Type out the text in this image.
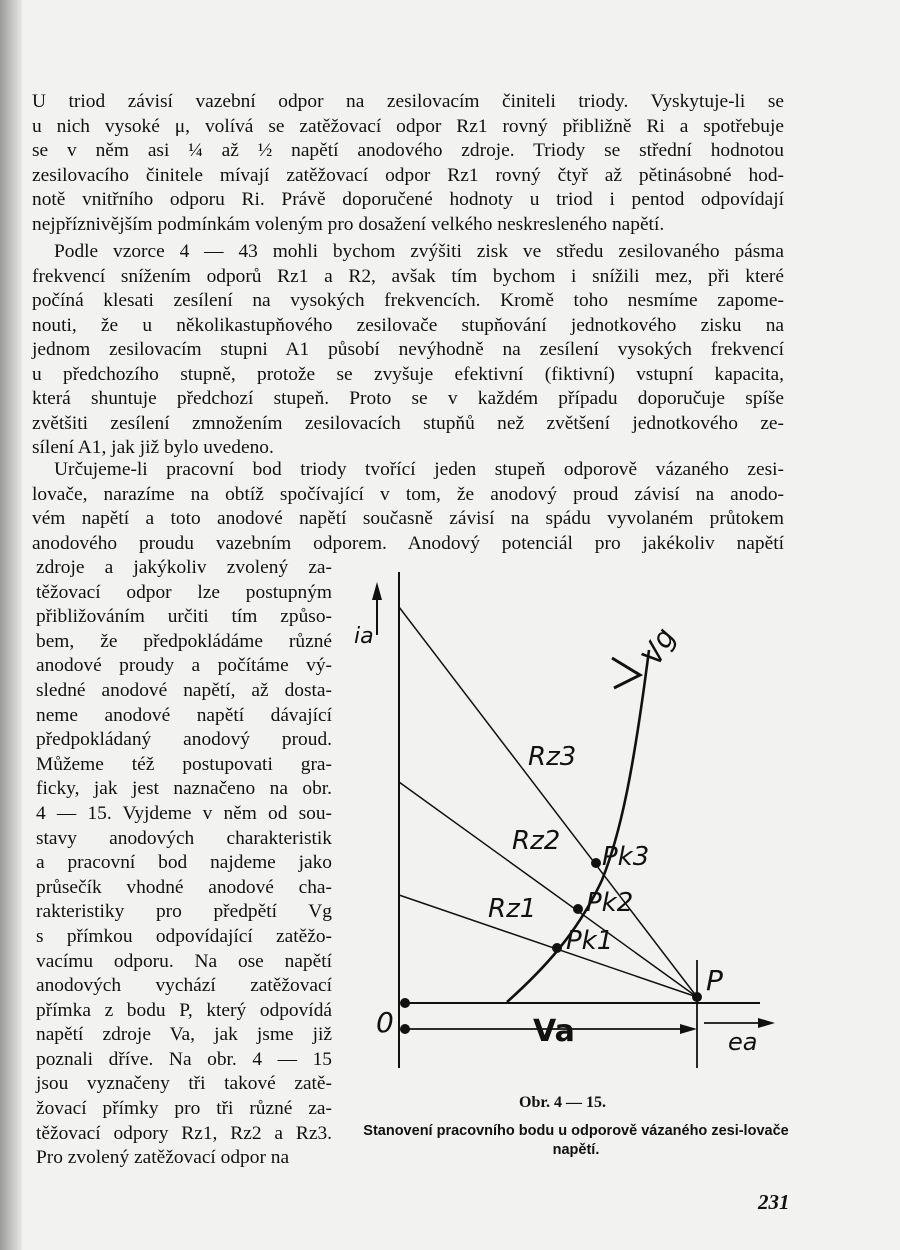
U triod závisí vazební odpor na zesilovacím činiteli triody. Vyskytuje-li se
u nich vysoké μ, volívá se zatěžovací odpor Rz1 rovný přibližně Ri a spotřebuje
se v něm asi ¼ až ½ napětí anodového zdroje. Triody se střední hodnotou
zesilovacího činitele mívají zatěžovací odpor Rz1 rovný čtyř až pětinásobné hod-
notě vnitřního odporu Ri. Právě doporučené hodnoty u triod i pentod odpovídají
nejpříznivějším podmínkám voleným pro dosažení velkého neskresleného napětí.
Podle vzorce 4 — 43 mohli bychom zvýšiti zisk ve středu zesilovaného pásma
frekvencí snížením odporů Rz1 a R2, avšak tím bychom i snížili mez, při které
počíná klesati zesílení na vysokých frekvencích. Kromě toho nesmíme zapome-
nouti, že u několikastupňového zesilovače stupňování jednotkového zisku na
jednom zesilovacím stupni A1 působí nevýhodně na zesílení vysokých frekvencí
u předchozího stupně, protože se zvyšuje efektivní (fiktivní) vstupní kapacita,
která shuntuje předchozí stupeň. Proto se v každém případu doporučuje spíše
zvětšiti zesílení zmnožením zesilovacích stupňů než zvětšení jednotkového ze-
sílení A1, jak již bylo uvedeno.
Určujeme-li pracovní bod triody tvořící jeden stupeň odporově vázaného zesi-
lovače, narazíme na obtíž spočívající v tom, že anodový proud závisí na anodo-
vém napětí a toto anodové napětí současně závisí na spádu vyvolaném průtokem
anodového proudu vazebním odporem. Anodový potenciál pro jakékoliv napětí
zdroje a jakýkoliv zvolený za-
těžovací odpor lze postupným
přibližováním určiti tím způso-
bem, že předpokládáme různé
anodové proudy a počítáme vý-
sledné anodové napětí, až dosta-
neme anodové napětí dávající
předpokládaný anodový proud.
Můžeme též postupovati gra-
ficky, jak jest naznačeno na obr.
4 — 15. Vyjdeme v něm od sou-
stavy anodových charakteristik
a pracovní bod najdeme jako
průsečík vhodné anodové cha-
rakteristiky pro předpětí Vg
s přímkou odpovídající zatěžo-
vacímu odporu. Na ose napětí
anodových vychází zatěžovací
přímka z bodu P, který odpovídá
napětí zdroje Va, jak jsme již
poznali dříve. Na obr. 4 — 15
jsou vyznačeny tři takové zatě-
žovací přímky pro tři různé za-
těžovací odpory Rz1, Rz2 a Rz3.
Pro zvolený zatěžovací odpor na
ia	Vg
Rz3
Rz2
Rz1
Pk3
Pk2
Pk1
P
0	Va	ea
Obr. 4 — 15.
Stanovení pracovního bodu u odporově vázaného zesi-lovače napětí.
231
